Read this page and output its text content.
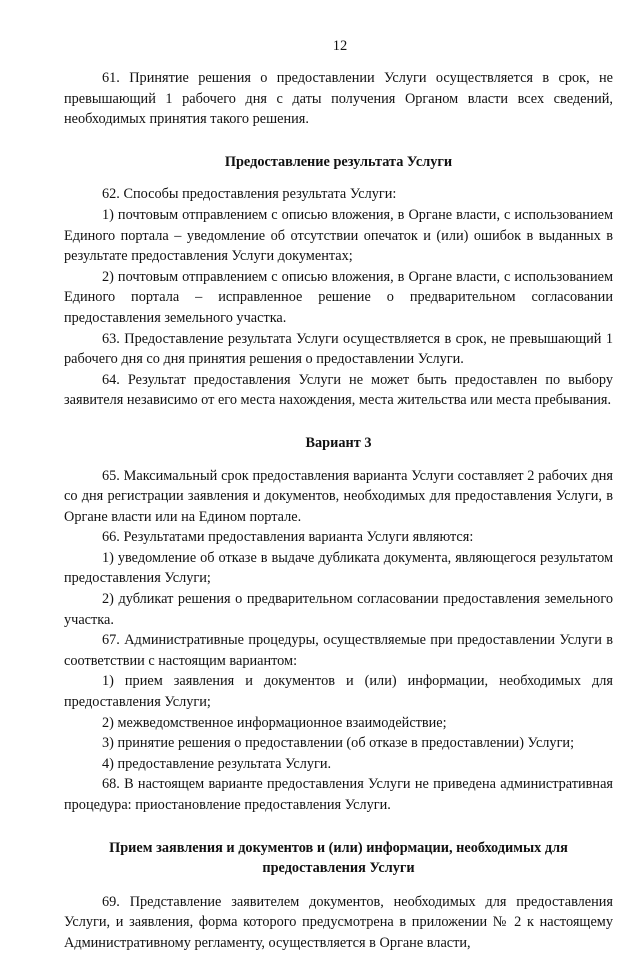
12

61. Принятие решения о предоставлении Услуги осуществляется в срок, не превышающий 1 рабочего дня с даты получения Органом власти всех сведений, необходимых принятия такого решения.

Предоставление результата Услуги

62. Способы предоставления результата Услуги:

1) почтовым отправлением с описью вложения, в Органе власти, с использованием Единого портала – уведомление об отсутствии опечаток и (или) ошибок в выданных в результате предоставления Услуги документах;

2) почтовым отправлением с описью вложения, в Органе власти, с использованием Единого портала – исправленное решение о предварительном согласовании предоставления земельного участка.

63. Предоставление результата Услуги осуществляется в срок, не превышающий 1 рабочего дня со дня принятия решения о предоставлении Услуги.

64. Результат предоставления Услуги не может быть предоставлен по выбору заявителя независимо от его места нахождения, места жительства или места пребывания.

Вариант 3

65. Максимальный срок предоставления варианта Услуги составляет 2 рабочих дня со дня регистрации заявления и документов, необходимых для предоставления Услуги, в Органе власти или на Едином портале.

66. Результатами предоставления варианта Услуги являются:

1) уведомление об отказе в выдаче дубликата документа, являющегося результатом предоставления Услуги;

2) дубликат решения о предварительном согласовании предоставления земельного участка.

67. Административные процедуры, осуществляемые при предоставлении Услуги в соответствии с настоящим вариантом:

1) прием заявления и документов и (или) информации, необходимых для предоставления Услуги;

2) межведомственное информационное взаимодействие;

3) принятие решения о предоставлении (об отказе в предоставлении) Услуги;

4) предоставление результата Услуги.

68. В настоящем варианте предоставления Услуги не приведена административная процедура: приостановление предоставления Услуги.

Прием заявления и документов и (или) информации, необходимых для предоставления Услуги

69. Представление заявителем документов, необходимых для предоставления Услуги, и заявления, форма которого предусмотрена в приложении № 2 к настоящему Административному регламенту, осуществляется в Органе власти,
